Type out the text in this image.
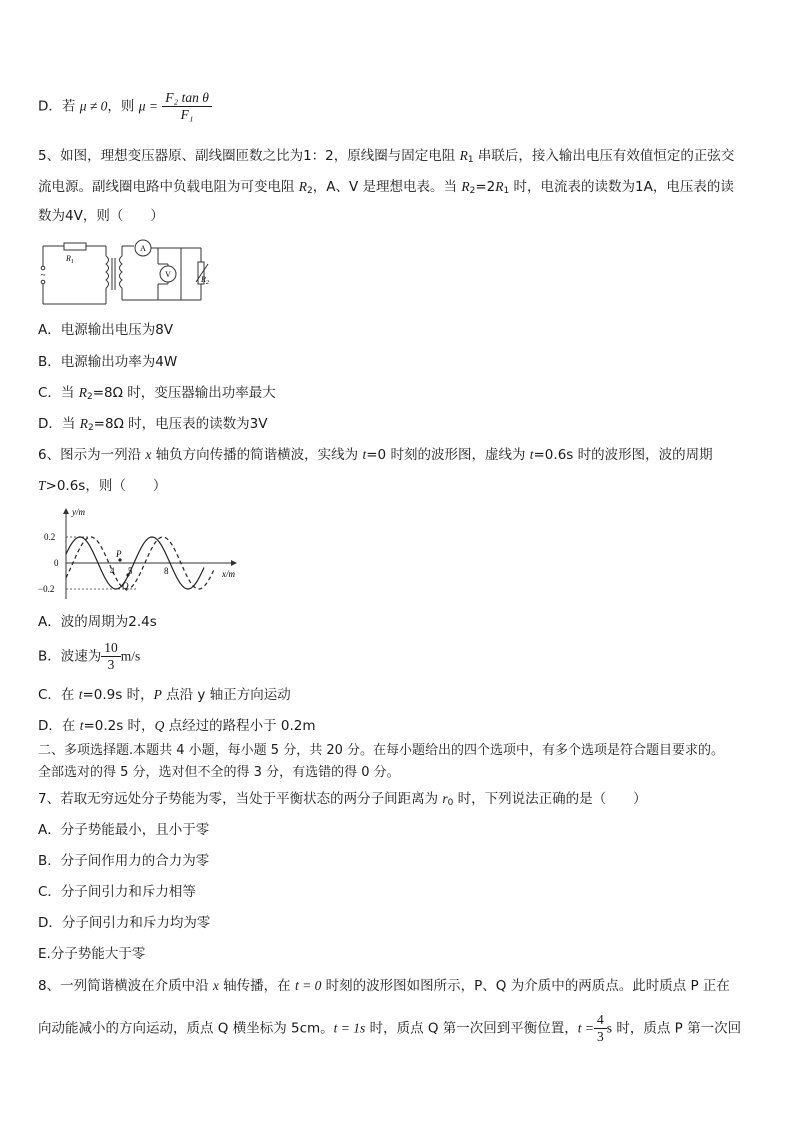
D．若 μ ≠ 0，则 $\mu = \frac{\text{F₂ tan θ}}{\text{F₁}}$
5、如图，理想变压器原、副线圈匝数之比为1：2，原线圈与固定电阻 $R_1$ 串联后，接入输出电压有效值恒定的正弦交
流电源。副线圈电路中负载电阻为可变电阻 $R_2$，A、V 是理想电表。当 $R_2=2R_1$ 时，电流表的读数为1A，电压表的读
数为4V，则（　　）
~
$R_1$
A
V
$R_2$
A．电源输出电压为8V
B．电源输出功率为4W
C．当 $R_2=8\Omega$ 时，变压器输出功率最大
D．当 $R_2=8\Omega$ 时，电压表的读数为3V
6、图示为一列沿 x 轴负方向传播的简谐横波，实线为 t=0 时刻的波形图，虚线为 t=0.6s 时的波形图，波的周期
T>0.6s，则（　　）
y/m
x/m
0.2
0
−0.2
4 5	8
P
Q
A．波的周期为2.4s
B．波速为 $\frac{10}{3} m/s$
C．在 t=0.9s 时，P 点沿 y 轴正方向运动
D．在 t=0.2s 时，Q 点经过的路程小于 0.2m
二、多项选择题.本题共 4 小题，每小题 5 分，共 20 分。在每小题给出的四个选项中，有多个选项是符合题目要求的。
全部选对的得 5 分，选对但不全的得 3 分，有选错的得 0 分。
7、若取无穷远处分子势能为零，当处于平衡状态的两分子间距离为 $r_0$ 时，下列说法正确的是（　　）
A．分子势能最小，且小于零
B．分子间作用力的合力为零
C．分子间引力和斥力相等
D．分子间引力和斥力均为零
E.分子势能大于零
8、一列简谐横波在介质中沿 x 轴传播，在 t = 0 时刻的波形图如图所示，P、Q 为介质中的两质点。此时质点 P 正在
向动能减小的方向运动，质点 Q 横坐标为 5cm。t = 1s 时，质点 Q 第一次回到平衡位置，$t = \frac{4}{3}$ s 时，质点 P 第一次回
